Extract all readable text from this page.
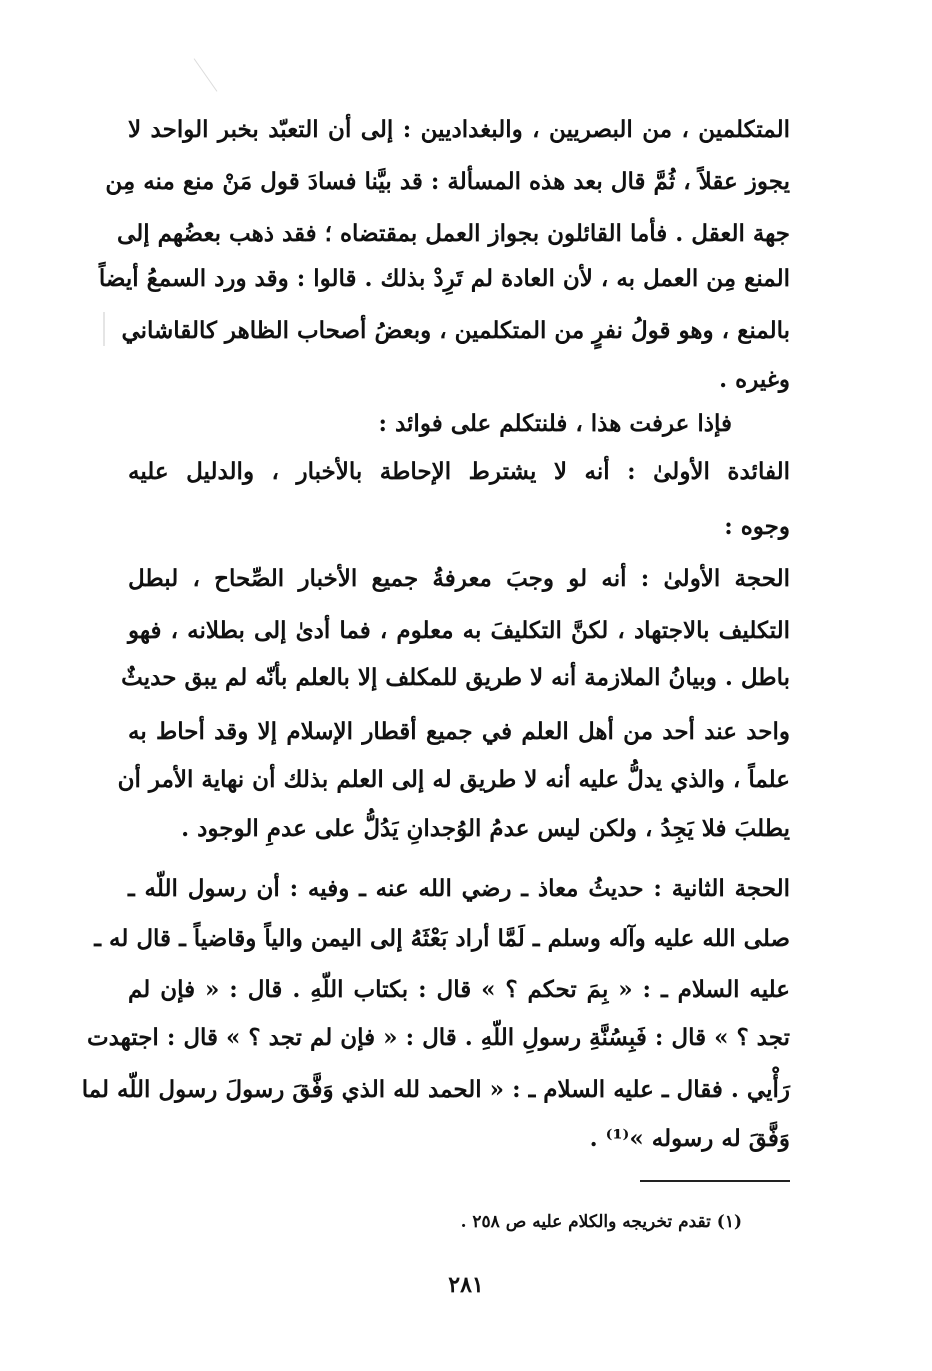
المتكلمين ، من البصريين ، والبغداديين : إلى أن التعبّد بخبر الواحد لا
يجوز عقلاً ، ثُمَّ قال بعد هذه المسألة : قد بيَّنا فسادَ قول مَنْ منع منه مِن
جهة العقل . فأما القائلون بجواز العمل بمقتضاه ؛ فقد ذهب بعضُهم إلى
المنع مِن العمل به ، لأن العادة لم تَرِدْ بذلك . قالوا : وقد ورد السمعُ أيضاً
بالمنع ، وهو قولُ نفرٍ من المتكلمين ، وبعضُ أصحاب الظاهر كالقاشاني
وغيره .
فإذا عرفت هذا ، فلنتكلم على فوائد :
الفائدة الأولىٰ : أنه لا يشترط الإحاطة بالأخبار ، والدليل عليه
وجوه :
الحجة الأولىٰ : أنه لو وجبَ معرفةُ جميع الأخبار الصِّحاح ، لبطل
التكليف بالاجتهاد ، لكنَّ التكليفَ به معلوم ، فما أدىٰ إلى بطلانه ، فهو
باطل . وبيانُ الملازمة أنه لا طريق للمكلف إلا بالعلم بأنّه لم يبق حديثٌ
واحد عند أحد من أهل العلم في جميع أقطار الإسلام إلا وقد أحاط به
علماً ، والذي يدلُّ عليه أنه لا طريق له إلى العلم بذلك أن نهاية الأمر أن
يطلبَ فلا يَجِدُ ، ولكن ليس عدمُ الوُجدانِ يَدُلُّ على عدمِ الوجود .
الحجة الثانية : حديثُ معاذ ـ رضي الله عنه ـ وفيه : أن رسول اللّه ـ
صلى الله عليه وآله وسلم ـ لَمَّا أراد بَعْثَهُ إلى اليمن والياً وقاضياً ـ قال له ـ
عليه السلام ـ : « بِمَ تحكم ؟ » قال : بكتاب اللّهِ . قال : « فإن لم
تجد ؟ » قال : فَبِسُنَّةِ رسولِ اللّهِ . قال : « فإن لم تجد ؟ » قال : اجتهدت
رَأْيي . فقال ـ عليه السلام ـ : « الحمد لله الذي وَفَّقَ رسولَ رسول اللّه لما
وَفَّقَ له رسوله »⁽¹⁾ .
(١) تقدم تخريجه والكلام عليه ص ٢٥٨ .
٢٨١
